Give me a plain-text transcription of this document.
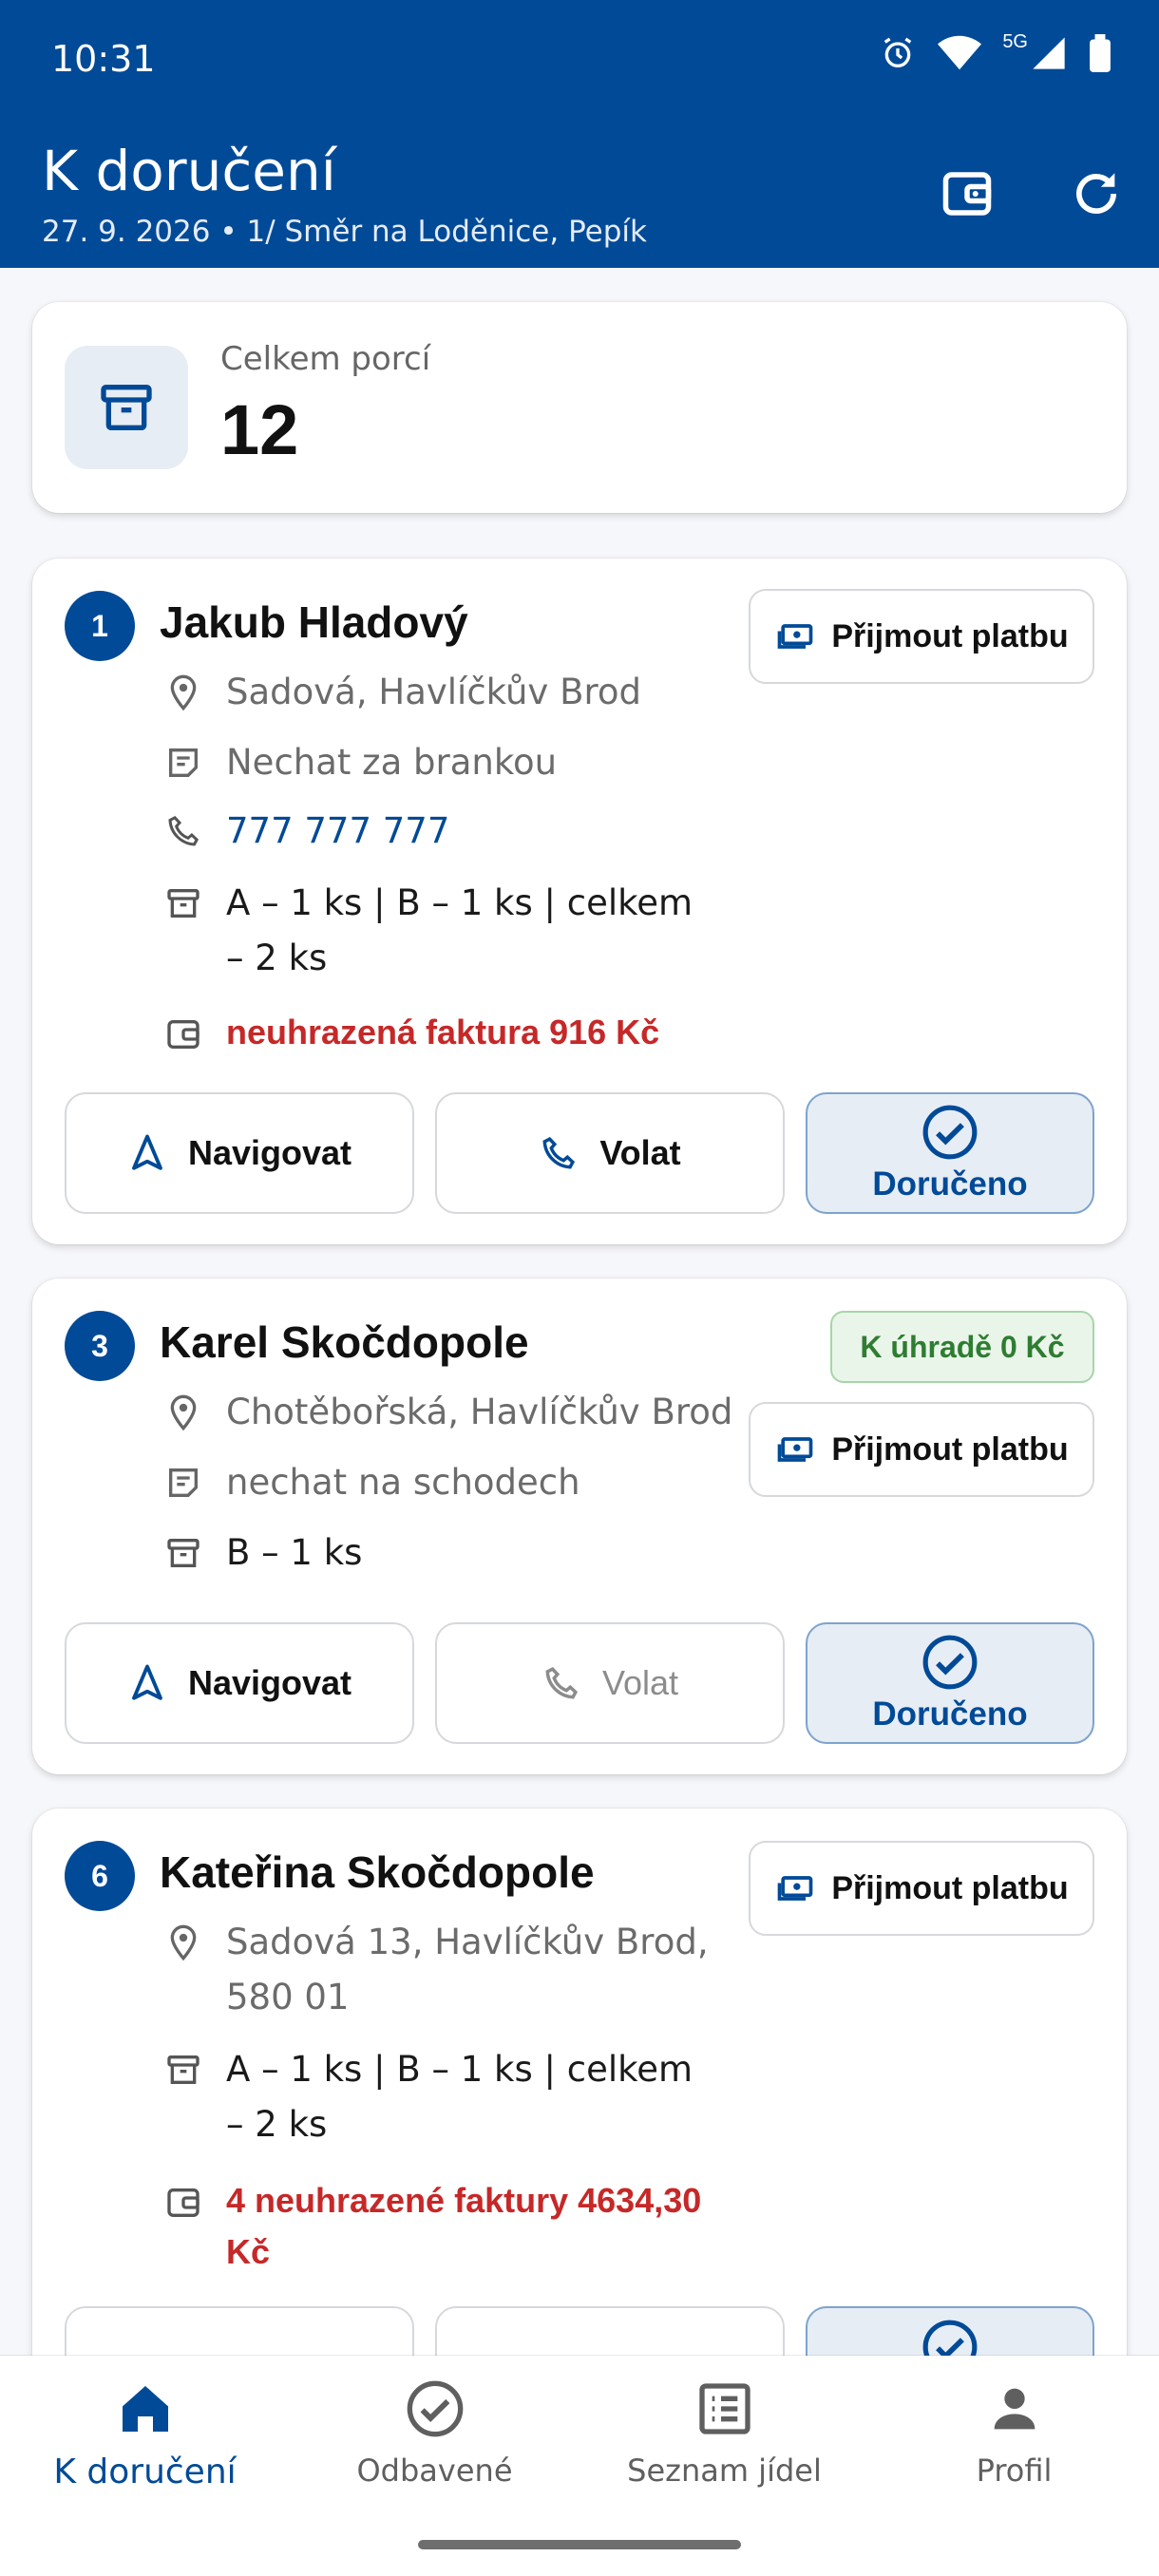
10:31	5G
K doručení
27. 9. 2026 • 1/ Směr na Loděnice, Pepík
Celkem porcí
12
1	Jakub Hladový	Přijmout platbu
Sadová, Havlíčkův Brod
Nechat za brankou
777 777 777
A – 1 ks | B – 1 ks | celkem
– 2 ks
neuhrazená faktura 916 Kč
Navigovat	Volat
Doručeno
3	Karel Skočdopole	K úhradě 0 Kč
Přijmout platbu
Chotěbořská, Havlíčkův Brod
nechat na schodech
B – 1 ks
Navigovat	Volat
Doručeno
6	Kateřina Skočdopole	Přijmout platbu
Sadová 13, Havlíčkův Brod,
580 01
A – 1 ks | B – 1 ks | celkem
– 2 ks
4 neuhrazené faktury 4634,30
Kč
K doručení	Odbavené	Seznam jídel	Profil
